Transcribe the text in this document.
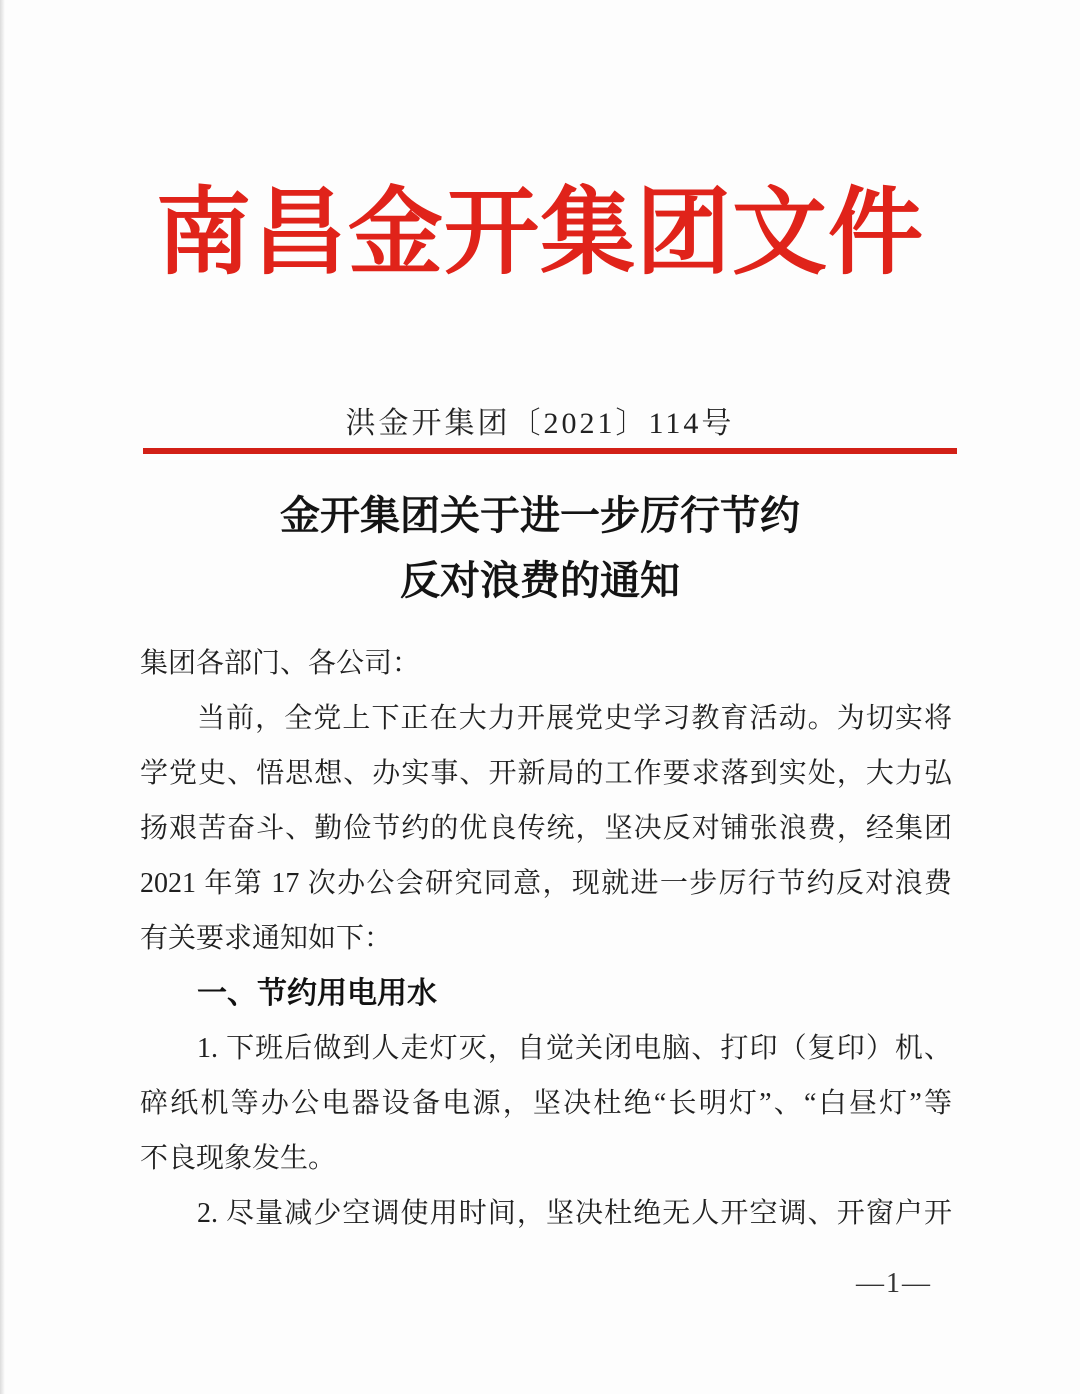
南昌金开集团文件
洪金开集团〔2021〕114号
金开集团关于进一步厉行节约
反对浪费的通知
集团各部门、各公司：
当前，全党上下正在大力开展党史学习教育活动。为切实将
学党史、悟思想、办实事、开新局的工作要求落到实处，大力弘
扬艰苦奋斗、勤俭节约的优良传统，坚决反对铺张浪费，经集团
2021 年第 17 次办公会研究同意，现就进一步厉行节约反对浪费
有关要求通知如下：
一、节约用电用水
1. 下班后做到人走灯灭，自觉关闭电脑、打印（复印）机、
碎纸机等办公电器设备电源，坚决杜绝“长明灯”、“白昼灯”等
不良现象发生。
2. 尽量减少空调使用时间，坚决杜绝无人开空调、开窗户开
—1—
